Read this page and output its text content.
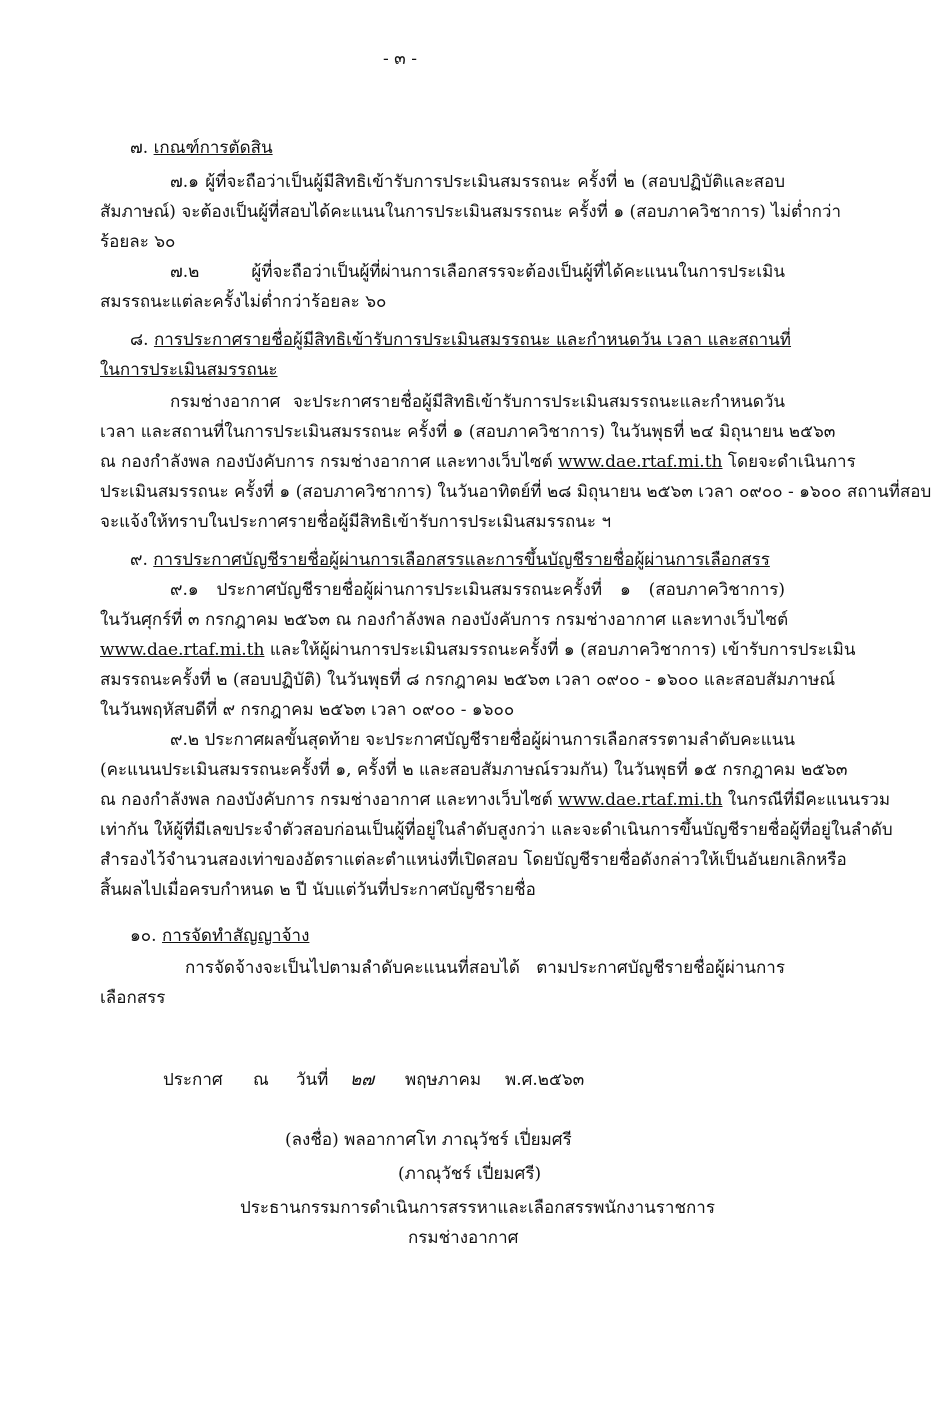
- ๓ -
๗. เกณฑ์การตัดสิน
๗.๑ ผู้ที่จะถือว่าเป็นผู้มีสิทธิเข้ารับการประเมินสมรรถนะ ครั้งที่ ๒ (สอบปฏิบัติและสอบ
สัมภาษณ์) จะต้องเป็นผู้ที่สอบได้คะแนนในการประเมินสมรรถนะ ครั้งที่ ๑ (สอบภาควิชาการ) ไม่ต่ำกว่า
ร้อยละ ๖๐
๗.๒ ผู้ที่จะถือว่าเป็นผู้ที่ผ่านการเลือกสรรจะต้องเป็นผู้ที่ได้คะแนนในการประเมิน
สมรรถนะแต่ละครั้งไม่ต่ำกว่าร้อยละ ๖๐
๘. การประกาศรายชื่อผู้มีสิทธิเข้ารับการประเมินสมรรถนะ และกำหนดวัน เวลา และสถานที่
ในการประเมินสมรรถนะ
กรมช่างอากาศ จะประกาศรายชื่อผู้มีสิทธิเข้ารับการประเมินสมรรถนะและกำหนดวัน
เวลา และสถานที่ในการประเมินสมรรถนะ ครั้งที่ ๑ (สอบภาควิชาการ) ในวันพุธที่ ๒๔ มิถุนายน ๒๕๖๓
ณ กองกำลังพล กองบังคับการ กรมช่างอากาศ และทางเว็บไซต์ www.dae.rtaf.mi.th โดยจะดำเนินการ
ประเมินสมรรถนะ ครั้งที่ ๑ (สอบภาควิชาการ) ในวันอาทิตย์ที่ ๒๘ มิถุนายน ๒๕๖๓ เวลา ๐๙๐๐ - ๑๖๐๐ สถานที่สอบ
จะแจ้งให้ทราบในประกาศรายชื่อผู้มีสิทธิเข้ารับการประเมินสมรรถนะ ฯ
๙. การประกาศบัญชีรายชื่อผู้ผ่านการเลือกสรรและการขึ้นบัญชีรายชื่อผู้ผ่านการเลือกสรร
๙.๑ ประกาศบัญชีรายชื่อผู้ผ่านการประเมินสมรรถนะครั้งที่ ๑ (สอบภาควิชาการ)
ในวันศุกร์ที่ ๓ กรกฎาคม ๒๕๖๓ ณ กองกำลังพล กองบังคับการ กรมช่างอากาศ และทางเว็บไซต์
www.dae.rtaf.mi.th และให้ผู้ผ่านการประเมินสมรรถนะครั้งที่ ๑ (สอบภาควิชาการ) เข้ารับการประเมิน
สมรรถนะครั้งที่ ๒ (สอบปฏิบัติ) ในวันพุธที่ ๘ กรกฎาคม ๒๕๖๓ เวลา ๐๙๐๐ - ๑๖๐๐ และสอบสัมภาษณ์
ในวันพฤหัสบดีที่ ๙ กรกฎาคม ๒๕๖๓ เวลา ๐๙๐๐ - ๑๖๐๐
๙.๒ ประกาศผลขั้นสุดท้าย จะประกาศบัญชีรายชื่อผู้ผ่านการเลือกสรรตามลำดับคะแนน
(คะแนนประเมินสมรรถนะครั้งที่ ๑, ครั้งที่ ๒ และสอบสัมภาษณ์รวมกัน) ในวันพุธที่ ๑๕ กรกฎาคม ๒๕๖๓
ณ กองกำลังพล กองบังคับการ กรมช่างอากาศ และทางเว็บไซต์ www.dae.rtaf.mi.th ในกรณีที่มีคะแนนรวม
เท่ากัน ให้ผู้ที่มีเลขประจำตัวสอบก่อนเป็นผู้ที่อยู่ในลำดับสูงกว่า และจะดำเนินการขึ้นบัญชีรายชื่อผู้ที่อยู่ในลำดับ
สำรองไว้จำนวนสองเท่าของอัตราแต่ละตำแหน่งที่เปิดสอบ โดยบัญชีรายชื่อดังกล่าวให้เป็นอันยกเลิกหรือ
สิ้นผลไปเมื่อครบกำหนด ๒ ปี นับแต่วันที่ประกาศบัญชีรายชื่อ
๑๐. การจัดทำสัญญาจ้าง
การจัดจ้างจะเป็นไปตามลำดับคะแนนที่สอบได้ ตามประกาศบัญชีรายชื่อผู้ผ่านการ
เลือกสรร
ประกาศ ณ วันที่ ๒๗ พฤษภาคม พ.ศ.๒๕๖๓
(ลงชื่อ) พลอากาศโท ภาณุวัชร์ เปี่ยมศรี
(ภาณุวัชร์ เปี่ยมศรี)
ประธานกรรมการดำเนินการสรรหาและเลือกสรรพนักงานราชการ
กรมช่างอากาศ
